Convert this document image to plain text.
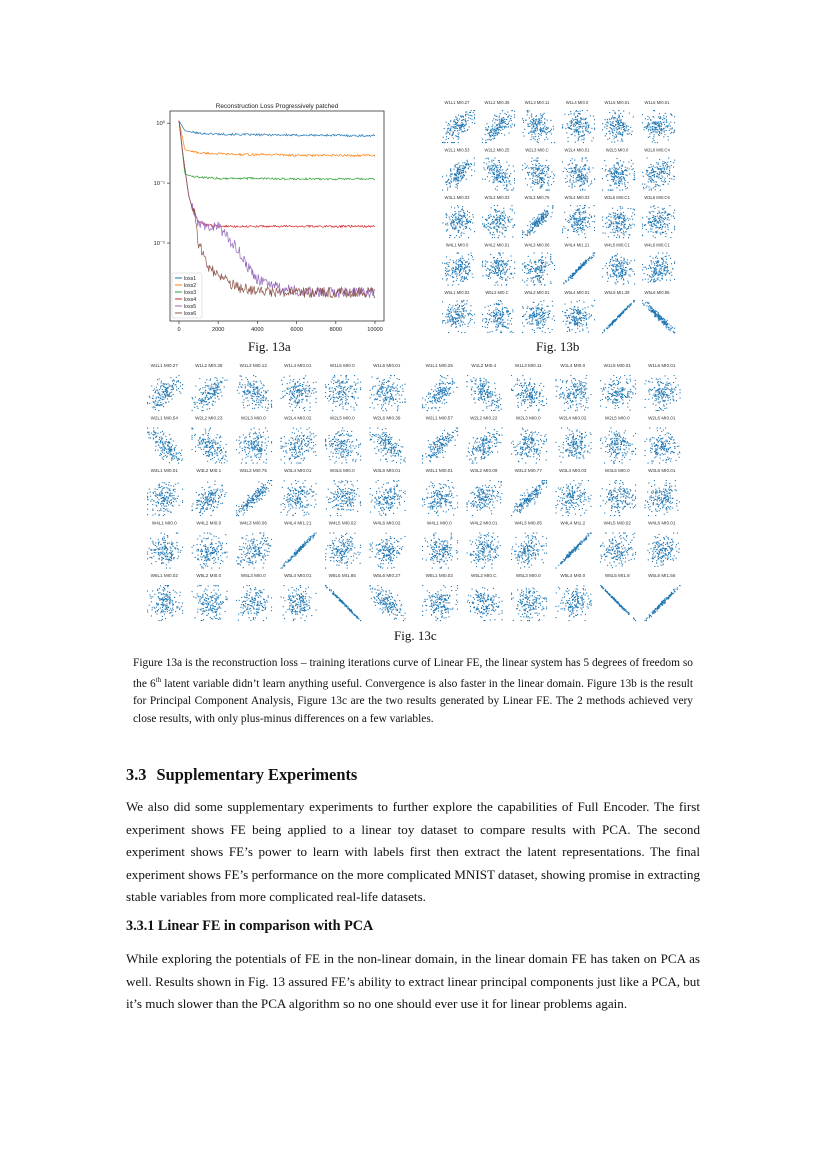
Reconstruction Loss Progressively patched
0	2000	4000	6000	8000	10000
10⁰
10⁻¹
10⁻²
loss1
loss2
loss3
loss4
loss5
loss6
Fig. 13a
W1L1 MI0.27	W1L2 MI0.35	W1L3 MI0.11	W1L4 MI0.0	W1L5 MI0.01	W1L6 MI0.01
W2L1 MI0.53	W2L2 MI0.25	W2L3 MI0.C	W2L4 MI0.01	W2L5 MI0.0	W2L6 MI0.C4
W3L1 MI0.03	W3L2 MI0.03	W3L3 MI0.75	W3L4 MI0.03	W3L5 MI0.C1	W3L6 MI0.C6
W4L1 MI0.0	W4L2 MI0.01	W4L3 MI0.06	W4L4 MI1.21	W4L5 MI0.C1	W4L6 MI0.C1
W5L1 MI0.02	W5L2 MI0.C	W5L3 MI0.01	W5L4 MI0.01	W5L5 MI1.39	W5L6 MI0.88
Fig. 13b
W1L1 MI0.27	W1L2 MI0.38	W1L3 MI0.12	W1L4 MI0.01	W1L5 MI0.0	W1L6 MI0.01
W2L1 MI0.54	W2L2 MI0.23	W2L3 MI0.0	W2L4 MI0.02	W2L5 MI0.0	W2L6 MI0.39
W3L1 MI0.01	W3L2 MI0.1	W3L3 MI0.75	W3L4 MI0.01	W3L5 MI0.0	W3L6 MI0.01
W4L1 MI0.0	W4L2 MI0.0	W4L3 MI0.06	W4L4 MI1.21	W4L5 MI0.02	W4L6 MI0.02
W5L1 MI0.02	W5L2 MI0.0	W5L3 MI0.0	W5L4 MI0.01	W5L5 MI1.85	W5L6 MI0.27
W1L1 MI0.25	W1L2 MI0.4	W1L3 MI0.11	W1L4 MI0.0	W1L5 MI0.01	W1L6 MI0.01
W2L1 MI0.57	W2L2 MI0.22	W2L3 MI0.0	W2L4 MI0.02	W2L5 MI0.0	W2L6 MI0.01
W3L1 MI0.01	W3L2 MI0.09	W3L3 MI0.77	W3L4 MI0.03	W3L5 MI0.0	W3L6 MI0.01
W4L1 MI0.0	W4L2 MI0.01	W4L3 MI0.05	W4L4 MI1.2	W4L5 MI0.02	W4L6 MI0.01
W5L1 MI0.02	W5L2 MI0.C	W5L3 MI0.0	W5L4 MI0.0	W5L5 MI1.8	W5L6 MI1.56
Fig. 13c
Figure 13a is the reconstruction loss – training iterations curve of Linear FE, the linear system has 5 degrees of freedom so the 6th latent variable didn’t learn anything useful. Convergence is also faster in the linear domain. Figure 13b is the result for Principal Component Analysis, Figure 13c are the two results generated by Linear FE. The 2 methods achieved very close results, with only plus-minus differences on a few variables.
3.3 Supplementary Experiments
We also did some supplementary experiments to further explore the capabilities of Full Encoder. The first experiment shows FE being applied to a linear toy dataset to compare results with PCA. The second experiment shows FE’s power to learn with labels first then extract the latent representations. The final experiment shows FE’s performance on the more complicated MNIST dataset, showing promise in extracting stable variables from more complicated real-life datasets.
3.3.1 Linear FE in comparison with PCA
While exploring the potentials of FE in the non-linear domain, in the linear domain FE has taken on PCA as well. Results shown in Fig. 13 assured FE’s ability to extract linear principal components just like a PCA, but it’s much slower than the PCA algorithm so no one should ever use it for linear problems again.
